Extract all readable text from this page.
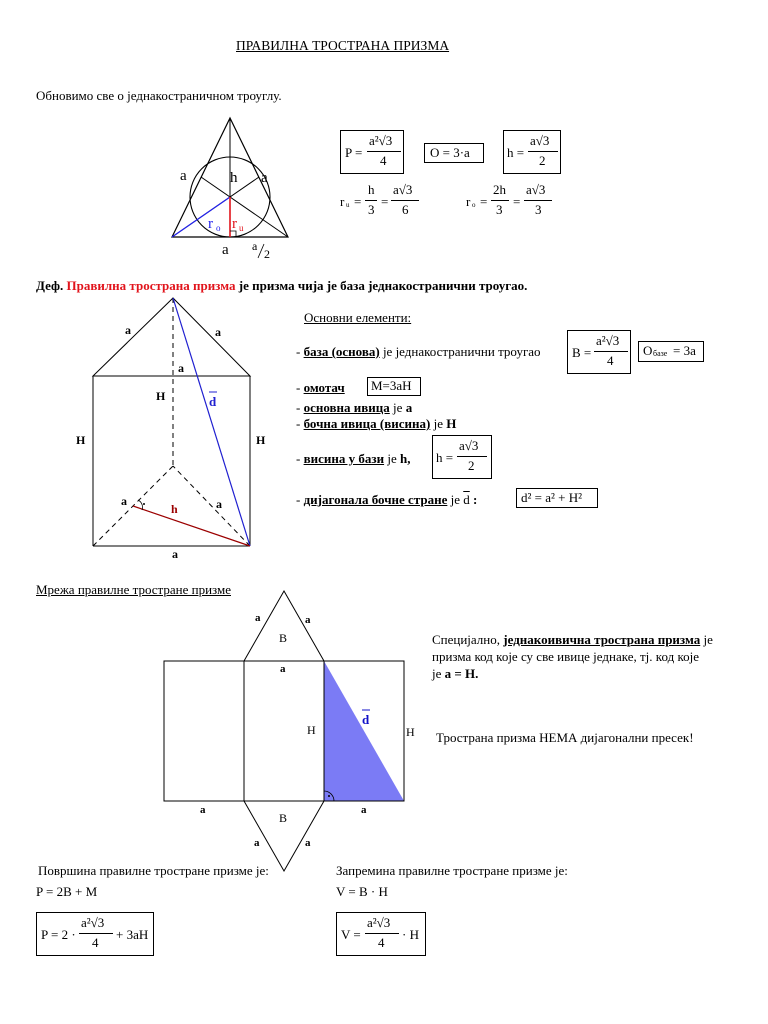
ПРАВИЛНА ТРОСТРАНА ПРИЗМА
Обновимо све о једнакостраничном троуглу.
a	a
h
r o r u
a a
2
P =
a²√3
4
O = 3·a	h =
a√3
2
r u =
h
3
=
a√3
6
r o =
2h
3
=
a√3
3
Деф. Правилна тространа призма је призма чија је база једнакостранични троугао.
a	a
a
H	d
H	H
a	a
h
a
Основни елементи:
- база (основа) је једнакостранични троугао B =
a²√3
4
O базе = 3a
- омотач M=3aH
- основна ивица је a
- бочна ивица (висина) је H
- висина у бази је h, h =
a√3
2
- дијагонала бочне стране је $\overline{d}$ :	d² = a² + H²
Мрежа правилне тростране призме
a	a
B
a
H
d
H
a	a
B
a	a
Специјално, једнакоивична тространа призма је
призма код које су све ивице једнаке, тј. код које
је a = H.
Тространа призма НЕМА дијагонални пресек!
Површина правилне тростране призме је:
P = 2B + M
P = 2 ·
a²√3
4
+ 3aH
Запремина правилне тростране призме је:
V = B · H
V =
a²√3
4
· H
